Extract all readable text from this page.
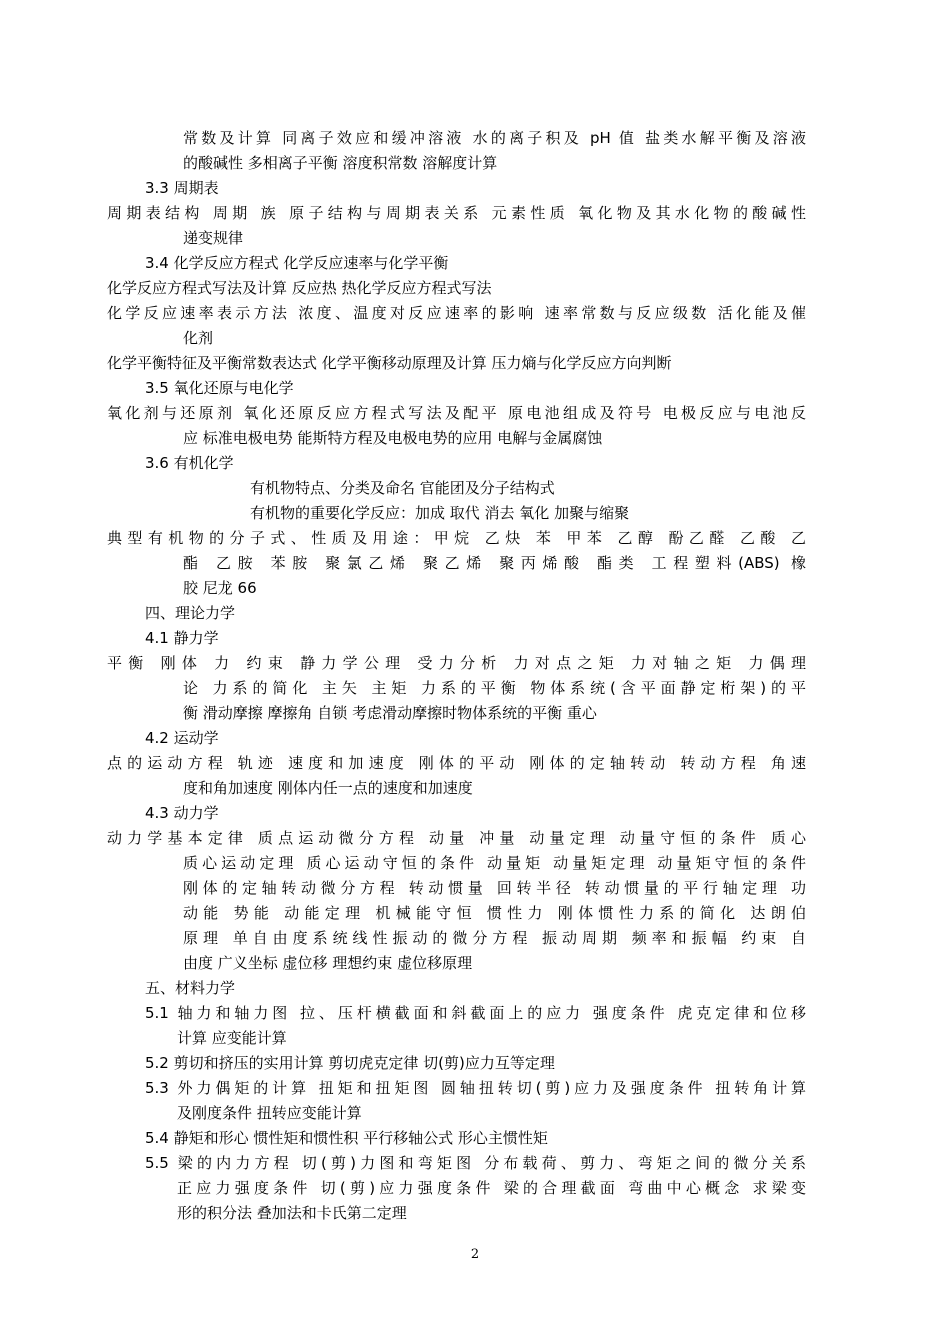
常数及计算 同离子效应和缓冲溶液 水的离子积及 pH 值 盐类水解平衡及溶液
的酸碱性 多相离子平衡 溶度积常数 溶解度计算
3.3 周期表
周期表结构 周期 族 原子结构与周期表关系 元素性质 氧化物及其水化物的酸碱性
递变规律
3.4 化学反应方程式 化学反应速率与化学平衡
化学反应方程式写法及计算 反应热 热化学反应方程式写法
化学反应速率表示方法 浓度、温度对反应速率的影响 速率常数与反应级数 活化能及催
化剂
化学平衡特征及平衡常数表达式 化学平衡移动原理及计算 压力熵与化学反应方向判断
3.5 氧化还原与电化学
氧化剂与还原剂 氧化还原反应方程式写法及配平 原电池组成及符号 电极反应与电池反
应 标准电极电势 能斯特方程及电极电势的应用 电解与金属腐蚀
3.6 有机化学
有机物特点、分类及命名 官能团及分子结构式
有机物的重要化学反应：加成 取代 消去 氧化 加聚与缩聚
典型有机物的分子式、性质及用途：甲烷 乙炔 苯 甲苯 乙醇 酚乙醛 乙酸 乙
酯 乙胺 苯胺 聚氯乙烯 聚乙烯 聚丙烯酸 酯类 工程塑料(ABS) 橡
胶 尼龙 66
四、理论力学
4.1 静力学
平衡 刚体 力 约束 静力学公理 受力分析 力对点之矩 力对轴之矩 力偶理
论 力系的简化 主矢 主矩 力系的平衡 物体系统(含平面静定桁架)的平
衡 滑动摩擦 摩擦角 自锁 考虑滑动摩擦时物体系统的平衡 重心
4.2 运动学
点的运动方程 轨迹 速度和加速度 刚体的平动 刚体的定轴转动 转动方程 角速
度和角加速度 刚体内任一点的速度和加速度
4.3 动力学
动力学基本定律 质点运动微分方程 动量 冲量 动量定理 动量守恒的条件 质心
质心运动定理 质心运动守恒的条件 动量矩 动量矩定理 动量矩守恒的条件
刚体的定轴转动微分方程 转动惯量 回转半径 转动惯量的平行轴定理 功
动能 势能 动能定理 机械能守恒 惯性力 刚体惯性力系的简化 达朗伯
原理 单自由度系统线性振动的微分方程 振动周期 频率和振幅 约束 自
由度 广义坐标 虚位移 理想约束 虚位移原理
五、材料力学
5.1 轴力和轴力图 拉、压杆横截面和斜截面上的应力 强度条件 虎克定律和位移
计算 应变能计算
5.2 剪切和挤压的实用计算 剪切虎克定律 切(剪)应力互等定理
5.3 外力偶矩的计算 扭矩和扭矩图 圆轴扭转切(剪)应力及强度条件 扭转角计算
及刚度条件 扭转应变能计算
5.4 静矩和形心 惯性矩和惯性积 平行移轴公式 形心主惯性矩
5.5 梁的内力方程 切(剪)力图和弯矩图 分布载荷、剪力、弯矩之间的微分关系
正应力强度条件 切(剪)应力强度条件 梁的合理截面 弯曲中心概念 求梁变
形的积分法 叠加法和卡氏第二定理
2
